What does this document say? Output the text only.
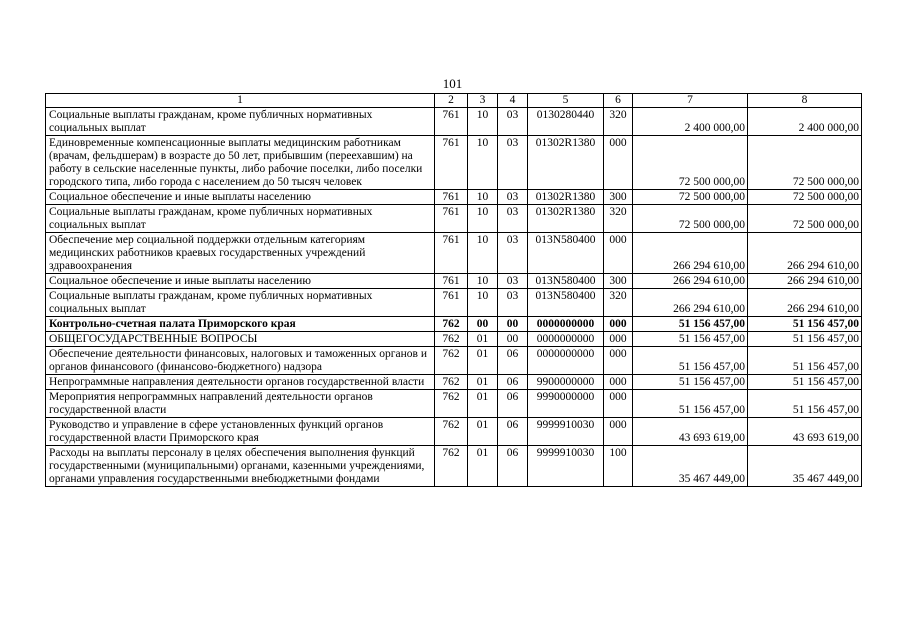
101
1	2	3	4	5	6	7	8
Социальные выплаты гражданам, кроме публичных нормативных социальных выплат	761	10	03	0130280440	320	2 400 000,00	2 400 000,00
Единовременные компенсационные выплаты медицинским работникам (врачам, фельдшерам) в возрасте до 50 лет, прибывшим (переехавшим) на работу в сельские населенные пункты, либо рабочие поселки, либо поселки городского типа, либо города с населением до 50 тысяч человек	761	10	03	01302R1380	000	72 500 000,00	72 500 000,00
Социальное обеспечение и иные выплаты населению	761	10	03	01302R1380	300	72 500 000,00	72 500 000,00
Социальные выплаты гражданам, кроме публичных нормативных социальных выплат	761	10	03	01302R1380	320	72 500 000,00	72 500 000,00
Обеспечение мер социальной поддержки отдельным категориям медицинских работников краевых государственных учреждений здравоохранения	761	10	03	013N580400	000	266 294 610,00	266 294 610,00
Социальное обеспечение и иные выплаты населению	761	10	03	013N580400	300	266 294 610,00	266 294 610,00
Социальные выплаты гражданам, кроме публичных нормативных социальных выплат	761	10	03	013N580400	320	266 294 610,00	266 294 610,00
Контрольно-счетная палата Приморского края	762	00	00	0000000000	000	51 156 457,00	51 156 457,00
ОБЩЕГОСУДАРСТВЕННЫЕ ВОПРОСЫ	762	01	00	0000000000	000	51 156 457,00	51 156 457,00
Обеспечение деятельности финансовых, налоговых и таможенных органов и органов финансового (финансово-бюджетного) надзора	762	01	06	0000000000	000	51 156 457,00	51 156 457,00
Непрограммные направления деятельности органов государственной власти	762	01	06	9900000000	000	51 156 457,00	51 156 457,00
Мероприятия непрограммных направлений деятельности органов государственной власти	762	01	06	9990000000	000	51 156 457,00	51 156 457,00
Руководство и управление в сфере установленных функций органов государственной власти Приморского края	762	01	06	9999910030	000	43 693 619,00	43 693 619,00
Расходы на выплаты персоналу в целях обеспечения выполнения функций государственными (муниципальными) органами, казенными учреждениями, органами управления государственными внебюджетными фондами	762	01	06	9999910030	100	35 467 449,00	35 467 449,00
